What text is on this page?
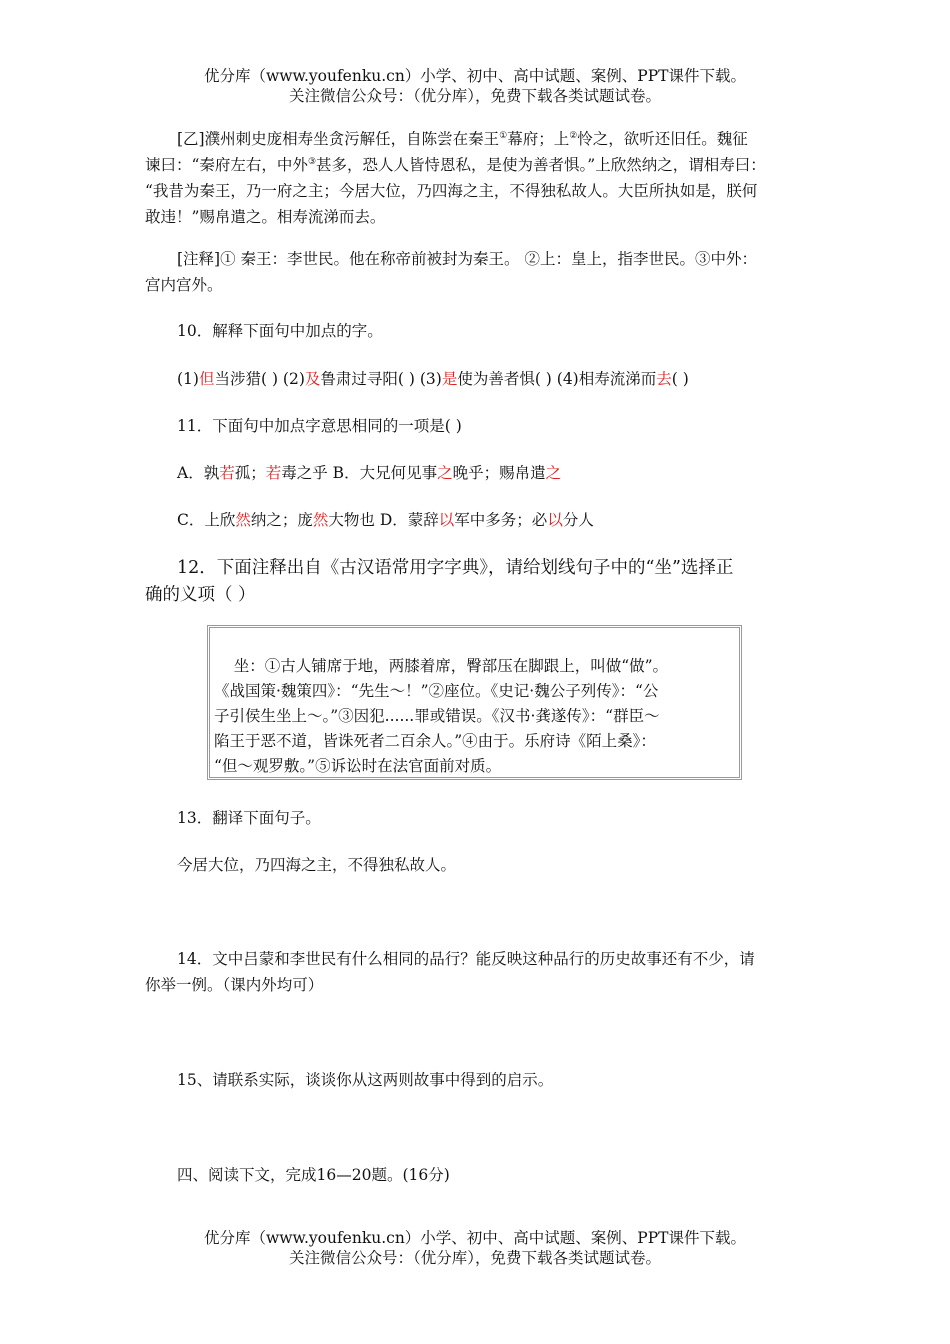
优分库（www.youfenku.cn）小学、初中、高中试题、案例、PPT课件下载。
关注微信公众号：（优分库），免费下载各类试题试卷。
[乙]濮州刺史庞相寿坐贪污解任，自陈尝在秦王①幕府；上②怜之，欲听还旧任。魏征
谏曰：“秦府左右，中外③甚多，恐人人皆恃恩私，是使为善者惧。”上欣然纳之，谓相寿曰：
“我昔为秦王，乃一府之主；今居大位，乃四海之主，不得独私故人。大臣所执如是，朕何
敢违！”赐帛遣之。相寿流涕而去。
[注释]① 秦王：李世民。他在称帝前被封为秦王。 ②上：皇上，指李世民。③中外：
宫内宫外。
10．解释下面句中加点的字。
(1)但当涉猎( ) (2)及鲁肃过寻阳( ) (3)是使为善者惧( ) (4)相寿流涕而去( )
11．下面句中加点字意思相同的一项是( )
A．孰若孤；若毒之乎 B．大兄何见事之晚乎；赐帛遣之
C．上欣然纳之；庞然大物也 D．蒙辞以军中多务；必以分人
12．下面注释出自《古汉语常用字字典》，请给划线句子中的“坐”选择正
确的义项（ ）
坐：①古人铺席于地，两膝着席，臀部压在脚跟上，叫做“做”。
《战国策·魏策四》：“先生～！”②座位。《史记·魏公子列传》：“公
子引侯生坐上～。”③因犯......罪或错误。《汉书·龚遂传》：“群臣～
陷王于恶不道，皆诛死者二百余人。”④由于。乐府诗《陌上桑》：
“但～观罗敷。”⑤诉讼时在法官面前对质。
13．翻译下面句子。
今居大位，乃四海之主，不得独私故人。
14．文中吕蒙和李世民有什么相同的品行？能反映这种品行的历史故事还有不少，请
你举一例。（课内外均可）
15、请联系实际，谈谈你从这两则故事中得到的启示。
四、阅读下文，完成16—20题。(16分)
优分库（www.youfenku.cn）小学、初中、高中试题、案例、PPT课件下载。
关注微信公众号：（优分库），免费下载各类试题试卷。
